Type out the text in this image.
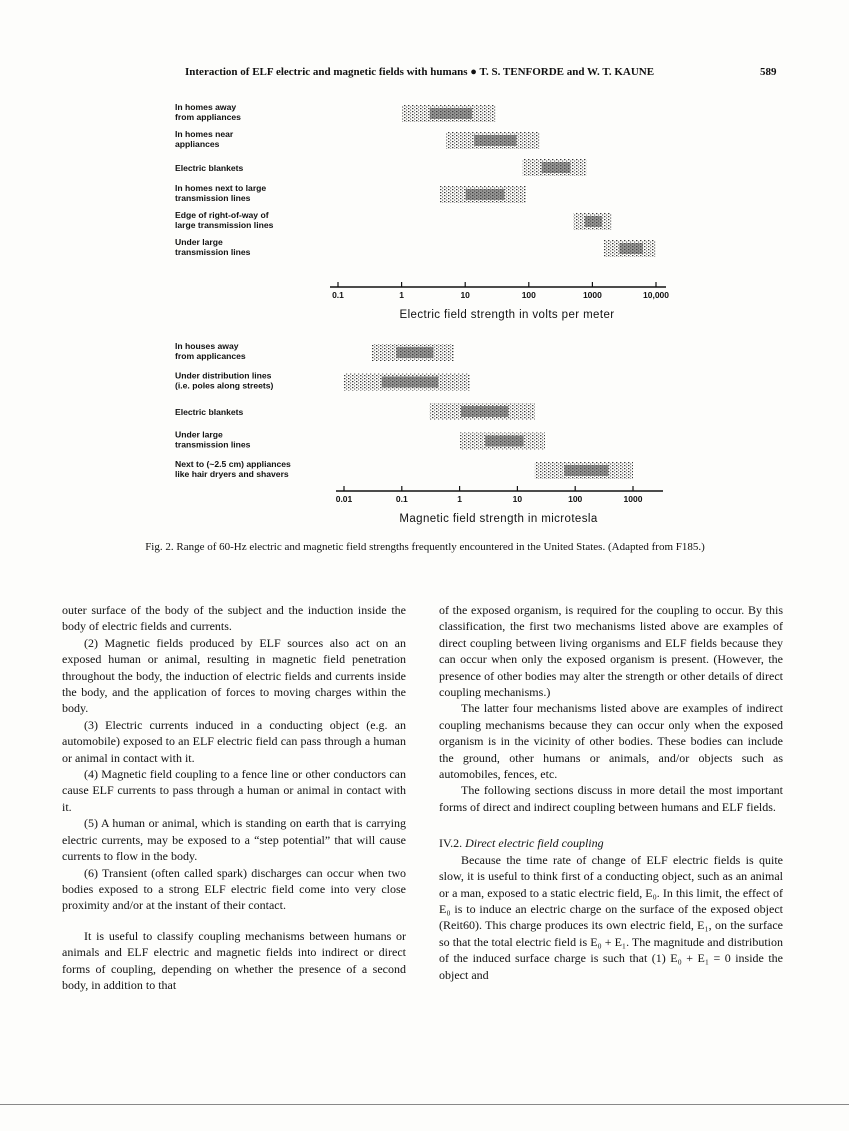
Interaction of ELF electric and magnetic fields with humans ● T. S. TENFORDE and W. T. KAUNE	589
0.1	1	10	100	1000	10,000
Electric field strength in volts per meter
In homes away
from appliances
In homes near
appliances
Electric blankets
In homes next to large
transmission lines
Edge of right-of-way of
large transmission lines
Under large
transmission lines
0.01	0.1	1	10	100	1000
Magnetic field strength in microtesla
In houses away
from applicances
Under distribution lines
(i.e. poles along streets)
Electric blankets
Under large
transmission lines
Next to (~2.5 cm) appliances
like hair dryers and shavers
Fig. 2. Range of 60-Hz electric and magnetic field strengths frequently encountered in the United States. (Adapted from F185.)

outer surface of the body of the subject and the induction inside the body of electric fields and currents.

(2) Magnetic fields produced by ELF sources also act on an exposed human or animal, resulting in magnetic field penetration throughout the body, the induction of electric fields and currents inside the body, and the application of forces to moving charges within the body.

(3) Electric currents induced in a conducting object (e.g. an automobile) exposed to an ELF electric field can pass through a human or animal in contact with it.

(4) Magnetic field coupling to a fence line or other conductors can cause ELF currents to pass through a human or animal in contact with it.

(5) A human or animal, which is standing on earth that is carrying electric currents, may be exposed to a “step potential” that will cause currents to flow in the body.

(6) Transient (often called spark) discharges can occur when two bodies exposed to a strong ELF electric field come into very close proximity and/or at the instant of their contact.

It is useful to classify coupling mechanisms between humans or animals and ELF electric and magnetic fields into indirect or direct forms of coupling, depending on whether the presence of a second body, in addition to that

of the exposed organism, is required for the coupling to occur. By this classification, the first two mechanisms listed above are examples of direct coupling between living organisms and ELF fields because they can occur when only the exposed organism is present. (However, the presence of other bodies may alter the strength or other details of direct coupling mechanisms.)

The latter four mechanisms listed above are examples of indirect coupling mechanisms because they can occur only when the exposed organism is in the vicinity of other bodies. These bodies can include the ground, other humans or animals, and/or objects such as automobiles, fences, etc.

The following sections discuss in more detail the most important forms of direct and indirect coupling between humans and ELF fields.

IV.2. Direct electric field coupling

Because the time rate of change of ELF electric fields is quite slow, it is useful to think first of a conducting object, such as an animal or a man, exposed to a static electric field, E₀. In this limit, the effect of E₀ is to induce an electric charge on the surface of the exposed object (Reit60). This charge produces its own electric field, E₁, on the surface so that the total electric field is E₀ + E₁. The magnitude and distribution of the induced surface charge is such that (1) E₀ + E₁ = 0 inside the object and
